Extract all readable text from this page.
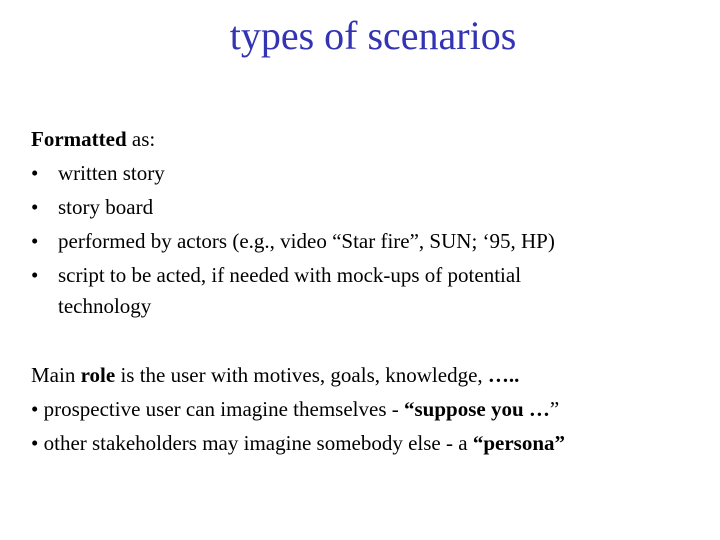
types of scenarios
Formatted as:
• written story
• story board
• performed by actors (e.g., video “Star fire”, SUN; ‘95, HP)
• script to be acted, if needed with mock-ups of potential
technology
Main role is the user with motives, goals, knowledge, …..
• prospective user can imagine themselves - “suppose you …”
• other stakeholders may imagine somebody else - a “persona”
